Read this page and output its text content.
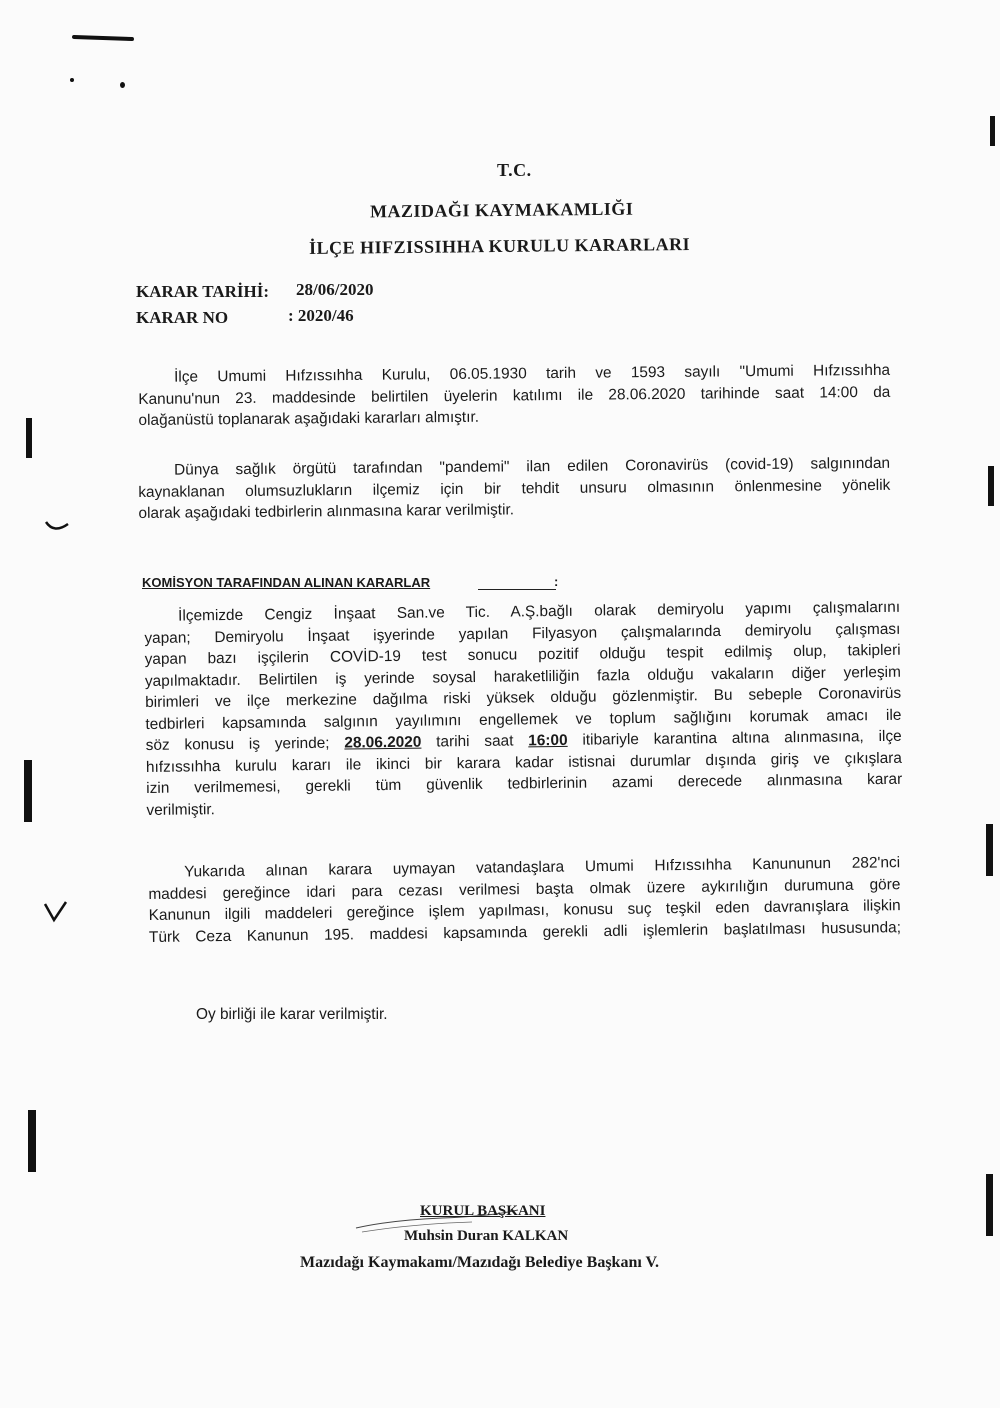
T.C.
MAZIDAĞI KAYMAKAMLIĞI
İLÇE HIFZISSIHHA KURULU KARARLARI
KARAR TARİHİ: 28/06/2020
KARAR NO	: 2020/46

İlçe Umumi Hıfzıssıhha Kurulu, 06.05.1930 tarih ve 1593 sayılı "Umumi Hıfzıssıhha
Kanunu'nun 23. maddesinde belirtilen üyelerin katılımı ile 28.06.2020 tarihinde saat 14:00 da
olağanüstü toplanarak aşağıdaki kararları almıştır.

Dünya sağlık örgütü tarafından "pandemi" ilan edilen Coronavirüs (covid-19) salgınından
kaynaklanan olumsuzlukların ilçemiz için bir tehdit unsuru olmasının önlenmesine yönelik
olarak aşağıdaki tedbirlerin alınmasına karar verilmiştir.

KOMİSYON TARAFINDAN ALINAN KARARLAR	:

İlçemizde Cengiz İnşaat San.ve Tic. A.Ş.bağlı olarak demiryolu yapımı çalışmalarını
yapan; Demiryolu İnşaat işyerinde yapılan Filyasyon çalışmalarında demiryolu çalışması
yapan bazı işçilerin COVİD-19 test sonucu pozitif olduğu tespit edilmiş olup, takipleri
yapılmaktadır. Belirtilen iş yerinde soysal haraketliliğin fazla olduğu vakaların diğer yerleşim
birimleri ve ilçe merkezine dağılma riski yüksek olduğu gözlenmiştir. Bu sebeple Coronavirüs
tedbirleri kapsamında salgının yayılımını engellemek ve toplum sağlığını korumak amacı ile
söz konusu iş yerinde; 28.06.2020 tarihi saat 16:00 itibariyle karantina altına alınmasına, ilçe
hıfzıssıhha kurulu kararı ile ikinci bir karara kadar istisnai durumlar dışında giriş ve çıkışlara
izin verilmemesi, gerekli tüm güvenlik tedbirlerinin azami derecede alınmasına karar
verilmiştir.

Yukarıda alınan karara uymayan vatandaşlara Umumi Hıfzıssıhha Kanununun 282'nci
maddesi gereğince idari para cezası verilmesi başta olmak üzere aykırılığın durumuna göre
Kanunun ilgili maddeleri gereğince işlem yapılması, konusu suç teşkil eden davranışlara ilişkin
Türk Ceza Kanunun 195. maddesi kapsamında gerekli adli işlemlerin başlatılması hususunda;

Oy birliği ile karar verilmiştir.
KURUL BAŞKANI
Muhsin Duran KALKAN
Mazıdağı Kaymakamı/Mazıdağı Belediye Başkanı V.
